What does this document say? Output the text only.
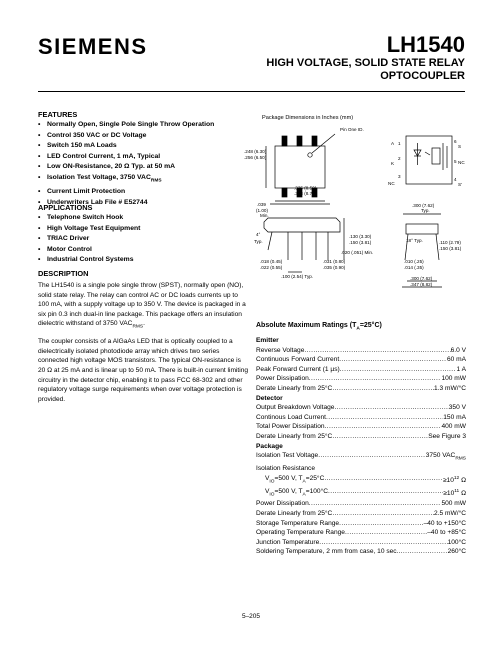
SIEMENS	LH1540
HIGH VOLTAGE, SOLID STATE RELAY
OPTOCOUPLER

FEATURES

• Normally Open, Single Pole Single Throw Operation
• Control 350 VAC or DC Voltage
• Switch 150 mA Loads
• LED Control Current, 1 mA, Typical
• Low ON-Resistance, 20 Ω Typ. at 50 mA
• Isolation Test Voltage, 3750 $VAC_{RMS}$
• Current Limit Protection
• Underwriters Lab File # E52744

APPLICATIONS

• Telephone Switch Hook
• High Voltage Test Equipment
• TRIAC Driver
• Motor Control
• Industrial Control Systems

DESCRIPTION

The LH1540 is a single pole single throw (SPST), normally open (NO), solid state relay. The relay can control AC or DC loads currents up to 100 mA, with a supply voltage up to 350 V. The device is packaged in a six pin 0.3 inch dual-in line package. This package offers an insulation dielectric withstand of 3750 $VAC_{RMS}$.

The coupler consists of a AlGaAs LED that is optically coupled to a dielectrically isolated photodiode array which drives two series connected high voltage MOS transistors. The typical ON-resistance is 20 Ω at 25 mA and is linear up to 50 mA. There is built-in current limiting circuitry in the detector chip, enabling it to pass FCC 68-302 and other regulatory voltage surge requirements when over voltage protection is provided.

Package Dimensions in Inches (mm)
Pin One ID.
.248 (6.30)
.256 (6.50)
.335 (8.50)
.343 (8.70)
.039
(1.00)
Min.
.130 (3.30)
.150 (3.81)
4°
Typ.
.020 (.051) Min.
.031 (0.80)
.035 (0.90)
.018 (0.45)
.022 (0.55)
.100 (2.54) Typ.
1
A
2
K
3
NC
4
S'
5 NC
6
S
.300 (7.62)
Typ.
18° Typ.	.110 (2.79)
.150 (3.81)
.010 (.25)
.014 (.35)
.300 (7.62)
.347 (8.82)
Absolute Maximum Ratings $(T_A=25^\circ C)$
Emitter
Reverse Voltage .....	6.0 V
Continuous Forward Current .....	60 mA
Peak Forward Current (1 µs) .....	1 A
Power Dissipation .....	100 mW
Derate Linearly from 25°C .....	1.3 mW/°C
Detector
Output Breakdown Voltage .....	350 V
Continous Load Current .....	150 mA
Total Power Dissipation .....	400 mW
Derate Linearly from 25°C .....	See Figure 3
Package
Isolation Test Voltage .....	3750 $VAC_{RMS}$
Isolation Resistance
$V_{IO}=500$ V, $T_A=25^\circ C$ .....	$\ge 10^{12}$ Ω
$V_{IO}=500$ V, $T_A=100^\circ C$ .....	$\ge 10^{11}$ Ω
Power Dissipation .....	500 mW
Derate Linearly from 25°C .....	2.5 mW/°C
Storage Temperature Range .....	–40 to +150°C
Operating Temperature Range .....	–40 to +85°C
Junction Temperature .....	100°C
Soldering Temperature, 2 mm from case, 10 sec. .....	260°C
5–205
